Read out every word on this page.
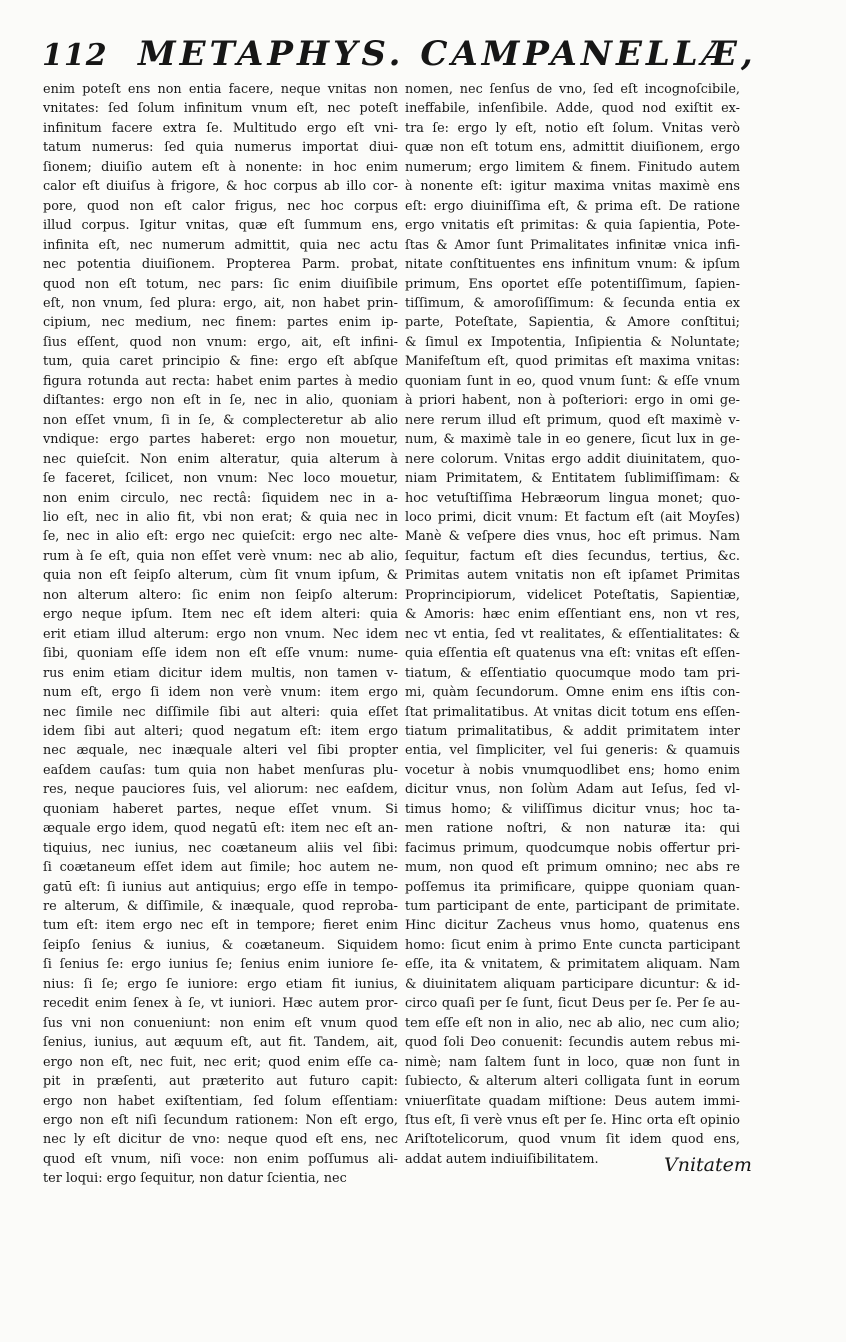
112 METAPHYS. CAMPANELLÆ,
enim poteſt ens non entia facere, neque vnitas non
vnitates: ſed ſolum infinitum vnum eſt, nec poteſt
infinitum facere extra ſe. Multitudo ergo eſt vni-
tatum numerus: ſed quia numerus importat diui-
ſionem; diuiſio autem eſt à nonente: in hoc enim
calor eſt diuiſus à frigore, & hoc corpus ab illo cor-
pore, quod non eſt calor frigus, nec hoc corpus
illud corpus. Igitur vnitas, quæ eſt ſummum ens,
infinita eſt, nec numerum admittit, quia nec actu
nec potentia diuiſionem. Propterea Parm. probat,
quod non eſt totum, nec pars: ſic enim diuiſibile
eſt, non vnum, ſed plura: ergo, ait, non habet prin-
cipium, nec medium, nec finem: partes enim ip-
ſius eſſent, quod non vnum: ergo, ait, eſt infini-
tum, quia caret principio & fine: ergo eſt abſque
figura rotunda aut recta: habet enim partes à medio
diſtantes: ergo non eſt in ſe, nec in alio, quoniam
non eſſet vnum, ſi in ſe, & complecteretur ab alio
vndique: ergo partes haberet: ergo non mouetur,
nec quieſcit. Non enim alteratur, quia alterum à
ſe faceret, ſcilicet, non vnum: Nec loco mouetur,
non enim circulo, nec rectâ: ſiquidem nec in a-
lio eſt, nec in alio fit, vbi non erat; & quia nec in
ſe, nec in alio eſt: ergo nec quieſcit: ergo nec alte-
rum à ſe eſt, quia non eſſet verè vnum: nec ab alio,
quia non eſt ſeipſo alterum, cùm ſit vnum ipſum, &
non alterum altero: ſic enim non ſeipſo alterum:
ergo neque ipſum. Item nec eſt idem alteri: quia
erit etiam illud alterum: ergo non vnum. Nec idem
ſibi, quoniam eſſe idem non eſt eſſe vnum: nume-
rus enim etiam dicitur idem multis, non tamen v-
num eſt, ergo ſi idem non verè vnum: item ergo
nec ſimile nec diſſimile ſibi aut alteri: quia eſſet
idem ſibi aut alteri; quod negatum eſt: item ergo
nec æquale, nec inæquale alteri vel ſibi propter
eaſdem cauſas: tum quia non habet menſuras plu-
res, neque pauciores ſuis, vel aliorum: nec eaſdem,
quoniam haberet partes, neque eſſet vnum. Si
æquale ergo idem, quod negatū eſt: item nec eſt an-
tiquius, nec iunius, nec coætaneum aliis vel ſibi:
ſi coætaneum eſſet idem aut ſimile; hoc autem ne-
gatū eſt: ſi iunius aut antiquius; ergo eſſe in tempo-
re alterum, & diſſimile, & inæquale, quod reproba-
tum eſt: item ergo nec eſt in tempore; fieret enim
ſeipſo ſenius & iunius, & coætaneum. Siquidem
ſi ſenius ſe: ergo iunius ſe; ſenius enim iuniore ſe-
nius: ſi ſe; ergo ſe iuniore: ergo etiam fit iunius,
recedit enim ſenex à ſe, vt iuniori. Hæc autem pror-
ſus vni non conueniunt: non enim eſt vnum quod
ſenius, iunius, aut æquum eſt, aut fit. Tandem, ait,
ergo non eſt, nec fuit, nec erit; quod enim eſſe ca-
pit in præſenti, aut præterito aut futuro capit:
ergo non habet exiſtentiam, ſed ſolum eſſentiam:
ergo non eſt niſi ſecundum rationem: Non eſt ergo,
nec ly eſt dicitur de vno: neque quod eſt ens, nec
quod eſt vnum, niſi voce: non enim poſſumus ali-
ter loqui: ergo ſequitur, non datur ſcientia, nec
nomen, nec ſenſus de vno, ſed eſt incognoſcibile,
ineffabile, inſenſibile. Adde, quod nod exiſtit ex-
tra ſe: ergo ly eſt, notio eſt ſolum. Vnitas verò
quæ non eſt totum ens, admittit diuiſionem, ergo
numerum; ergo limitem & finem. Finitudo autem
à nonente eſt: igitur maxima vnitas maximè ens
eſt: ergo diuiniſſima eſt, & prima eſt. De ratione
ergo vnitatis eſt primitas: & quia ſapientia, Pote-
ſtas & Amor ſunt Primalitates infinitæ vnica infi-
nitate conſtituentes ens infinitum vnum: & ipſum
primum, Ens oportet eſſe potentiſſimum, ſapien-
tiſſimum, & amoroſiſſimum: & ſecunda entia ex
parte, Poteſtate, Sapientia, & Amore conſtitui;
& ſimul ex Impotentia, Inſipientia & Noluntate;
Manifeſtum eſt, quod primitas eſt maxima vnitas:
quoniam ſunt in eo, quod vnum ſunt: & eſſe vnum
à priori habent, non à poſteriori: ergo in omi ge-
nere rerum illud eſt primum, quod eſt maximè v-
num, & maximè tale in eo genere, ſicut lux in ge-
nere colorum. Vnitas ergo addit diuinitatem, quo-
niam Primitatem, & Entitatem ſublimiſſimam: &
hoc vetuſtiſſima Hebræorum lingua monet; quo-
loco primi, dicit vnum: Et factum eſt (ait Moyſes)
Manè & veſpere dies vnus, hoc eſt primus. Nam
ſequitur, factum eſt dies ſecundus, tertius, &c.
Primitas autem vnitatis non eſt ipſamet Primitas
Proprincipiorum, videlicet Poteſtatis, Sapientiæ,
& Amoris: hæc enim eſſentiant ens, non vt res,
nec vt entia, ſed vt realitates, & eſſentialitates: &
quia eſſentia eſt quatenus vna eſt: vnitas eſt eſſen-
tiatum, & eſſentiatio quocumque modo tam pri-
mi, quàm ſecundorum. Omne enim ens iſtis con-
ſtat primalitatibus. At vnitas dicit totum ens eſſen-
tiatum primalitatibus, & addit primitatem inter
entia, vel ſimpliciter, vel ſui generis: & quamuis
vocetur à nobis vnumquodlibet ens; homo enim
dicitur vnus, non ſolùm Adam aut Ieſus, ſed vl-
timus homo; & viliſſimus dicitur vnus; hoc ta-
men ratione noſtri, & non naturæ ita: qui
facimus primum, quodcumque nobis offertur pri-
mum, non quod eſt primum omnino; nec abs re
poſſemus ita primificare, quippe quoniam quan-
tum participant de ente, participant de primitate.
Hinc dicitur Zacheus vnus homo, quatenus ens
homo: ſicut enim à primo Ente cuncta participant
eſſe, ita & vnitatem, & primitatem aliquam. Nam
& diuinitatem aliquam participare dicuntur: & id-
circo quaſi per ſe ſunt, ſicut Deus per ſe. Per ſe au-
tem eſſe eſt non in alio, nec ab alio, nec cum alio;
quod ſoli Deo conuenit: ſecundis autem rebus mi-
nimè; nam ſaltem ſunt in loco, quæ non ſunt in
ſubiecto, & alterum alteri colligata ſunt in eorum
vniuerſitate quadam miſtione: Deus autem immi-
ſtus eſt, ſi verè vnus eſt per ſe. Hinc orta eſt opinio
Ariſtotelicorum, quod vnum ſit idem quod ens,
addat autem indiuiſibilitatem.	Vnitatem
